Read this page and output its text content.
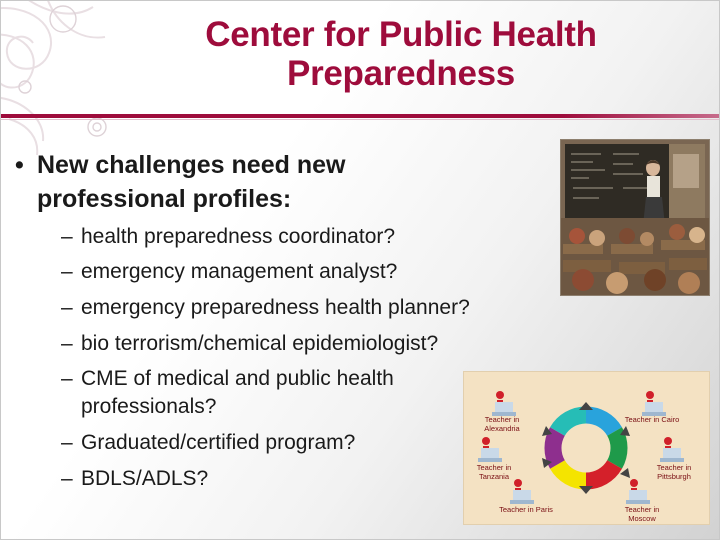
Center for Public Health Preparedness
• New challenges need new professional profiles:
– health preparedness coordinator?
– emergency management analyst?
– emergency preparedness health planner?
– bio terrorism/chemical epidemiologist?
– CME of medical and public health professionals?
– Graduated/certified program?
– BDLS/ADLS?
Teacher in Alexandria
Teacher in Cairo
Teacher in Tanzania
Teacher in Pittsburgh
Teacher in Paris	Teacher in Moscow
